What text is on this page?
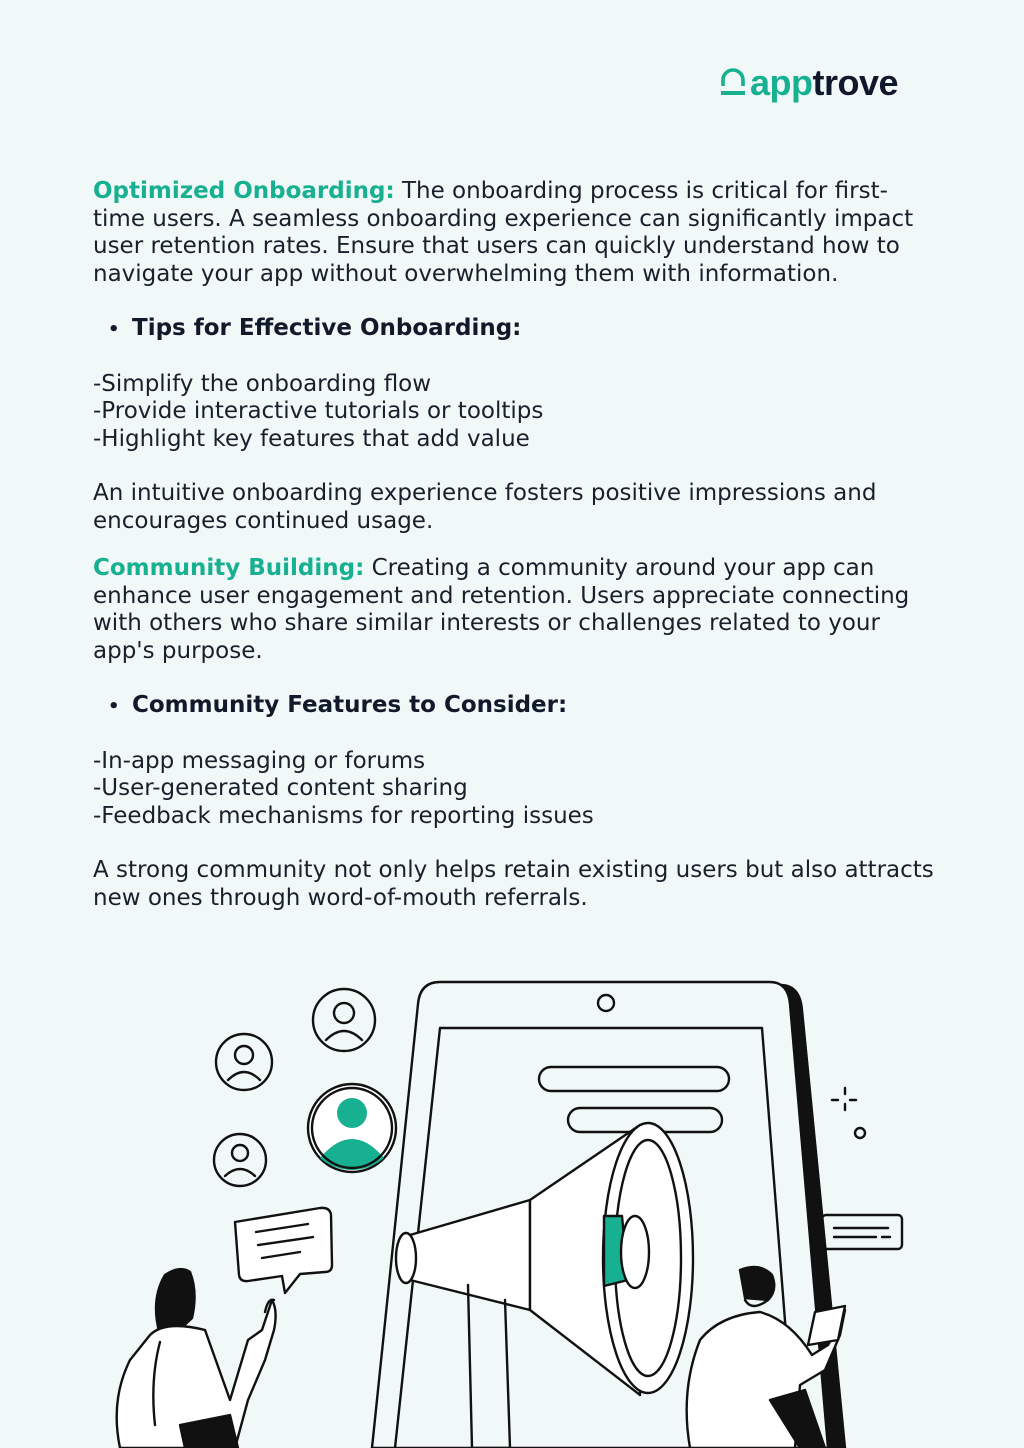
apptrove

Optimized Onboarding: The onboarding process is critical for first-time users. A seamless onboarding experience can significantly impact user retention rates. Ensure that users can quickly understand how to navigate your app without overwhelming them with information.

• Tips for Effective Onboarding:

-Simplify the onboarding flow

-Provide interactive tutorials or tooltips

-Highlight key features that add value

An intuitive onboarding experience fosters positive impressions and encourages continued usage.

Community Building: Creating a community around your app can enhance user engagement and retention. Users appreciate connecting with others who share similar interests or challenges related to your app's purpose.

• Community Features to Consider:

-In-app messaging or forums

-User-generated content sharing

-Feedback mechanisms for reporting issues

A strong community not only helps retain existing users but also attracts new ones through word-of-mouth referrals.
